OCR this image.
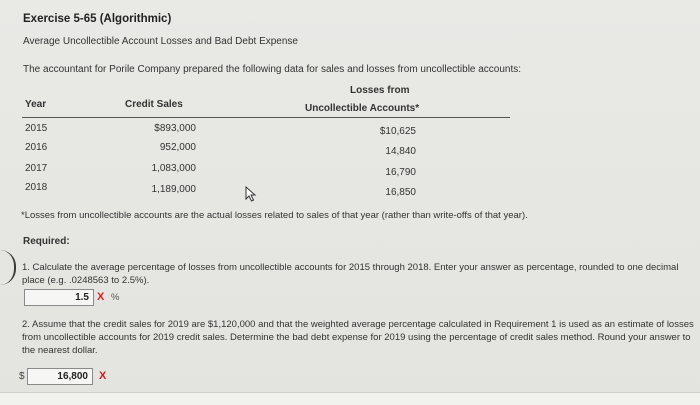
Exercise 5-65 (Algorithmic)
Average Uncollectible Account Losses and Bad Debt Expense
The accountant for Porile Company prepared the following data for sales and losses from uncollectible accounts:
Year	Credit Sales
Losses from
Uncollectible Accounts*
2015	$893,000	$10,625
2016	952,000	14,840
2017	1,083,000	16,790
2018	1,189,000	16,850
*Losses from uncollectible accounts are the actual losses related to sales of that year (rather than write-offs of that year).
Required:
1. Calculate the average percentage of losses from uncollectible accounts for 2015 through 2018. Enter your answer as percentage, rounded to one decimal place (e.g. .0248563 to 2.5%).
1.5 X %
2. Assume that the credit sales for 2019 are $1,120,000 and that the weighted average percentage calculated in Requirement 1 is used as an estimate of losses from uncollectible accounts for 2019 credit sales. Determine the bad debt expense for 2019 using the percentage of credit sales method. Round your answer to the nearest dollar.
$	16,800	X
